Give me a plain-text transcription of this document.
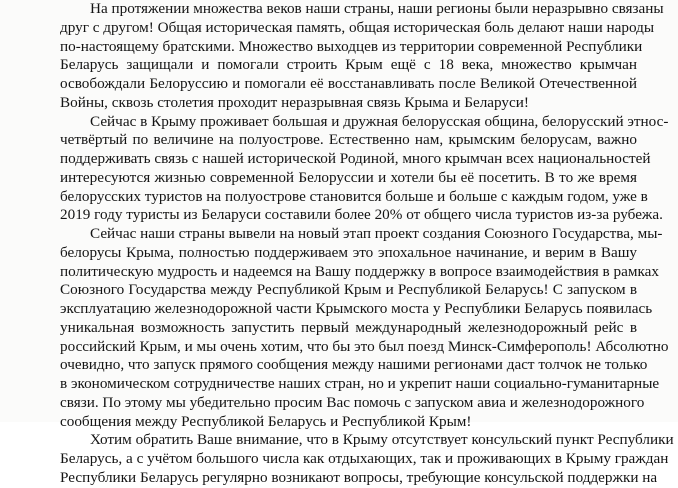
На протяжении множества веков наши страны, наши регионы были неразрывно связаны
друг с другом! Общая историческая память, общая историческая боль делают наши народы
по-настоящему братскими. Множество выходцев из территории современной Республики
Беларусь защищали и помогали строить Крым ещё с 18 века, множество крымчан
освобождали Белоруссию и помогали её восстанавливать после Великой Отечественной
Войны, сквозь столетия проходит неразрывная связь Крыма и Беларуси!
Сейчас в Крыму проживает большая и дружная белорусская община, белорусский этнос-
четвёртый по величине на полуострове. Естественно нам, крымским белорусам, важно
поддерживать связь с нашей исторической Родиной, много крымчан всех национальностей
интересуются жизнью современной Белоруссии и хотели бы её посетить. В то же время
белорусских туристов на полуострове становится больше и больше с каждым годом, уже в
2019 году туристы из Беларуси составили более 20% от общего числа туристов из-за рубежа.
Сейчас наши страны вывели на новый этап проект создания Союзного Государства, мы-
белорусы Крыма, полностью поддерживаем это эпохальное начинание, и верим в Вашу
политическую мудрость и надеемся на Вашу поддержку в вопросе взаимодействия в рамках
Союзного Государства между Республикой Крым и Республикой Беларусь! С запуском в
эксплуатацию железнодорожной части Крымского моста у Республики Беларусь появилась
уникальная возможность запустить первый международный железнодорожный рейс в
российский Крым, и мы очень хотим, что бы это был поезд Минск-Симферополь! Абсолютно
очевидно, что запуск прямого сообщения между нашими регионами даст толчок не только
в экономическом сотрудничестве наших стран, но и укрепит наши социально-гуманитарные
связи. По этому мы убедительно просим Вас помочь с запуском авиа и железнодорожного
сообщения между Республикой Беларусь и Республикой Крым!
Хотим обратить Ваше внимание, что в Крыму отсутствует консульский пункт Республики
Беларусь, а с учётом большого числа как отдыхающих, так и проживающих в Крыму граждан
Республики Беларусь регулярно возникают вопросы, требующие консульской поддержки на
